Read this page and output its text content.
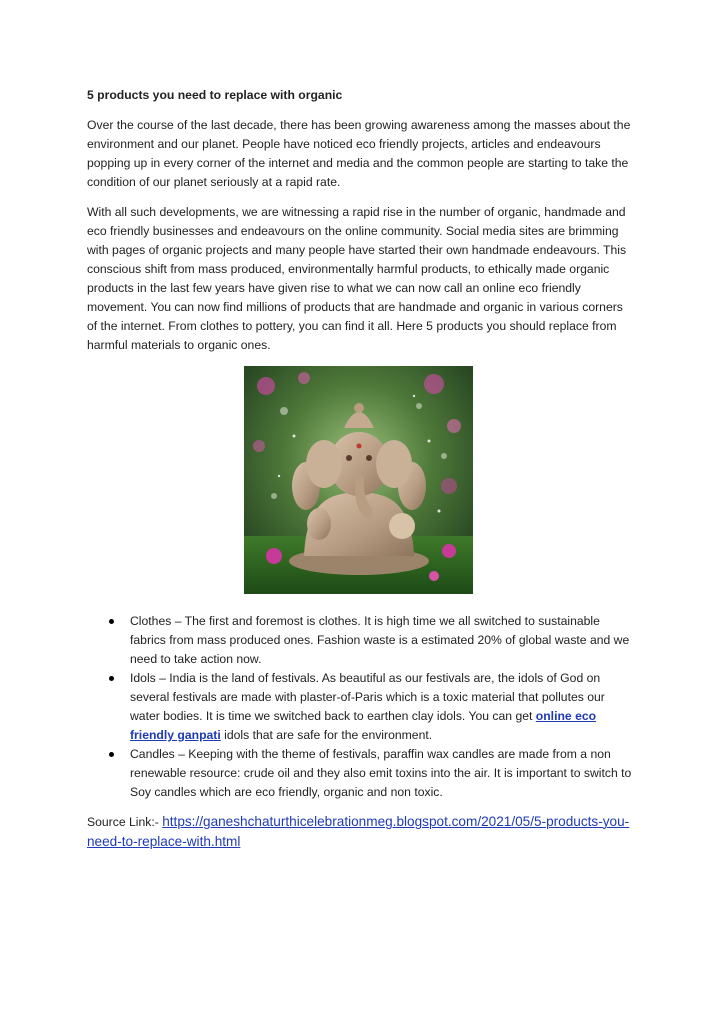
5 products you need to replace with organic

Over the course of the last decade, there has been growing awareness among the masses about the environment and our planet. People have noticed eco friendly projects, articles and endeavours popping up in every corner of the internet and media and the common people are starting to take the condition of our planet seriously at a rapid rate.

With all such developments, we are witnessing a rapid rise in the number of organic, handmade and eco friendly businesses and endeavours on the online community. Social media sites are brimming with pages of organic projects and many people have started their own handmade endeavours. This conscious shift from mass produced, environmentally harmful products, to ethically made organic products in the last few years have given rise to what we can now call an online eco friendly movement. You can now find millions of products that are handmade and organic in various corners of the internet. From clothes to pottery, you can find it all. Here 5 products you should replace from harmful materials to organic ones.

Clothes – The first and foremost is clothes. It is high time we all switched to sustainable fabrics from mass produced ones. Fashion waste is a estimated 20% of global waste and we need to take action now.
Idols – India is the land of festivals. As beautiful as our festivals are, the idols of God on several festivals are made with plaster-of-Paris which is a toxic material that pollutes our water bodies. It is time we switched back to earthen clay idols. You can get online eco friendly ganpati idols that are safe for the environment.
Candles – Keeping with the theme of festivals, paraffin wax candles are made from a non renewable resource: crude oil and they also emit toxins into the air. It is important to switch to Soy candles which are eco friendly, organic and non toxic.
Source Link:- https://ganeshchaturthicelebrationmeg.blogspot.com/2021/05/5-products-you-need-to-replace-with.html
